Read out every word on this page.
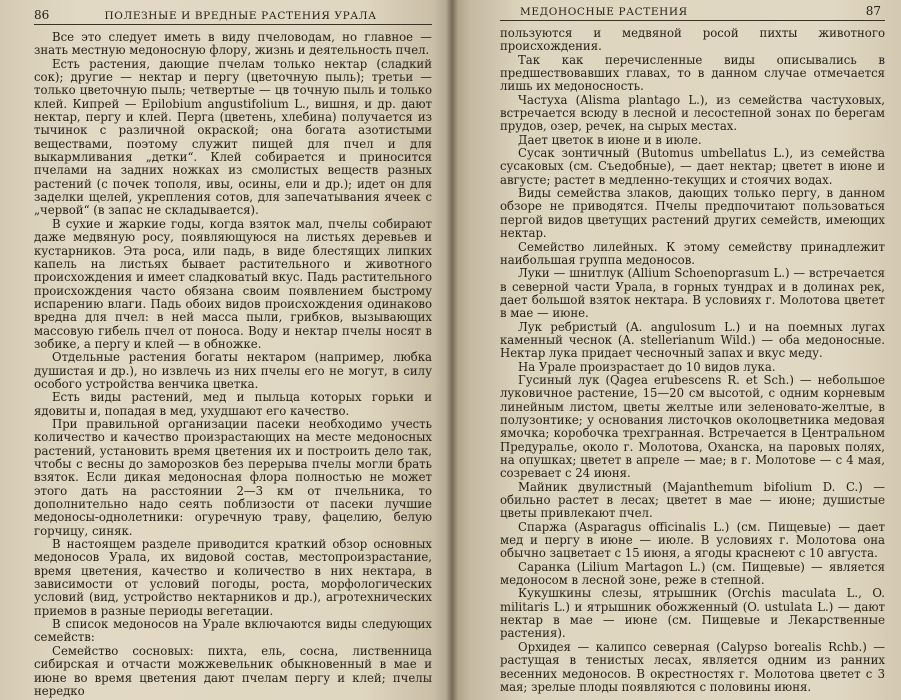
86	ПОЛЕЗНЫЕ И ВРЕДНЫЕ РАСТЕНИЯ УРАЛА

Все это следует иметь в виду пчеловодам, но главное — знать местную медоносную флору, жизнь и деятельность пчел.

Есть растения, дающие пчелам только нектар (сладкий сок); другие — нектар и пергу (цветочную пыль); третьи — только цветочную пыль; четвертые — цв точную пыль и только клей. Кипрей — Epilobium angustifolium L., вишня, и др. дают нектар, пергу и клей. Перга (цветень, хлебина) получается из тычинок с различной окраской; она богата азотистыми веществами, поэтому служит пищей для пчел и для выкармливания „детки“. Клей собирается и приносится пчелами на задних ножках из смолистых веществ разных растений (с почек тополя, ивы, осины, ели и др.); идет он для заделки щелей, укрепления сотов, для запечатывания ячеек с „червой“ (в запас не складывается).

В сухие и жаркие годы, когда взяток мал, пчелы собирают даже медвяную росу, появляющуюся на листьях деревьев и кустарников. Эта роса, или падь, в виде блестящих липких капель на листьях бывает растительного и животного происхождения и имеет сладковатый вкус. Падь растительного происхождения часто обязана своим появлением быстрому испарению влаги. Падь обоих видов происхождения одинаково вредна для пчел: в ней масса пыли, грибков, вызывающих массовую гибель пчел от поноса. Воду и нектар пчелы носят в зобике, а пергу и клей — в обножке.

Отдельные растения богаты нектаром (например, любка душистая и др.), но извлечь из них пчелы его не могут, в силу особого устройства венчика цветка.

Есть виды растений, мед и пыльца которых горьки и ядовиты и, попадая в мед, ухудшают его качество.

При правильной организации пасеки необходимо учесть количество и качество произрастающих на месте медоносных растений, установить время цветения их и построить дело так, чтобы с весны до заморозков без перерыва пчелы могли брать взяток. Если дикая медоносная флора полностью не может этого дать на расстоянии 2—3 км от пчельника, то дополнительно надо сеять поблизости от пасеки лучшие медоносы-однолетники: огуречную траву, фацелию, белую горчицу, синяк.

В настоящем разделе приводится краткий обзор основных медоносов Урала, их видовой состав, местопроизрастание, время цветения, качество и количество в них нектара, в зависимости от условий погоды, роста, морфологических условий (вид, устройство нектарников и др.), агротехнических приемов в разные периоды вегетации.

В список медоносов на Урале включаются виды следующих семейств:

Семейство сосновых: пихта, ель, сосна, лиственница сибирская и отчасти можжевельник обыкновенный в мае и июне во время цветения дают пчелам пергу и клей; пчелы нередко

МЕДОНОСНЫЕ РАСТЕНИЯ	87

пользуются и медвяной росой пихты животного происхождения.

Так как перечисленные виды описывались в предшествовавших главах, то в данном случае отмечается лишь их медоносность.

Частуха (Alisma plantago L.), из семейства частуховых, встречается всюду в лесной и лесостепной зонах по берегам прудов, озер, речек, на сырых местах.

Дает цветок в июне и в июле.

Сусак зонтичный (Butomus umbellatus L.), из семейства сусаковых (см. Съедобные), — дает нектар; цветет в июне и августе; растет в медленно-текущих и стоячих водах.

Виды семейства злаков, дающих только пергу, в данном обзоре не приводятся. Пчелы предпочитают пользоваться пергой видов цветущих растений других семейств, имеющих нектар.

Семейство лилейных. К этому семейству принадлежит наибольшая группа медоносов.

Луки — шнитлук (Allium Schoenoprasum L.) — встречается в северной части Урала, в горных тундрах и в долинах рек, дает большой взяток нектара. В условиях г. Молотова цветет в мае — июне.

Лук ребристый (A. angulosum L.) и на поемных лугах каменный чеснок (A. stellerianum Wild.) — оба медоносные. Нектар лука придает чесночный запах и вкус меду.

На Урале произрастает до 10 видов лука.

Гусиный лук (Qagea erubescens R. et Sch.) — небольшое луковичное растение, 15—20 см высотой, с одним корневым линейным листом, цветы желтые или зеленовато-желтые, в полузонтике; у основания листочков околоцветника медовая ямочка; коробочка трехгранная. Встречается в Центральном Предуралье, около г. Молотова, Оханска, на паровых полях, на опушках; цветет в апреле — мае; в г. Молотове — с 4 мая, созревает с 24 июня.

Майник двулистный (Majanthemum bifolium D. C.) — обильно растет в лесах; цветет в мае — июне; душистые цветы привлекают пчел.

Спаржа (Asparagus officinalis L.) (см. Пищевые) — дает мед и пергу в июне — июле. В условиях г. Молотова она обычно зацветает с 15 июня, а ягоды краснеют с 10 августа.

Саранка (Lilium Martagon L.) (см. Пищевые) — является медоносом в лесной зоне, реже в степной.

Кукушкины слезы, ятрышник (Orchis maculata L., O. militaris L.) и ятрышник обожженный (O. ustulata L.) — дают нектар в мае — июне (см. Пищевые и Лекарственные растения).

Орхидея — калипсо северная (Calypso borealis Rchb.) — растущая в тенистых лесах, является одним из ранних весенних медоносов. В окрестностях г. Молотова цветет с 3 мая; зрелые плоды появляются с половины июня.
